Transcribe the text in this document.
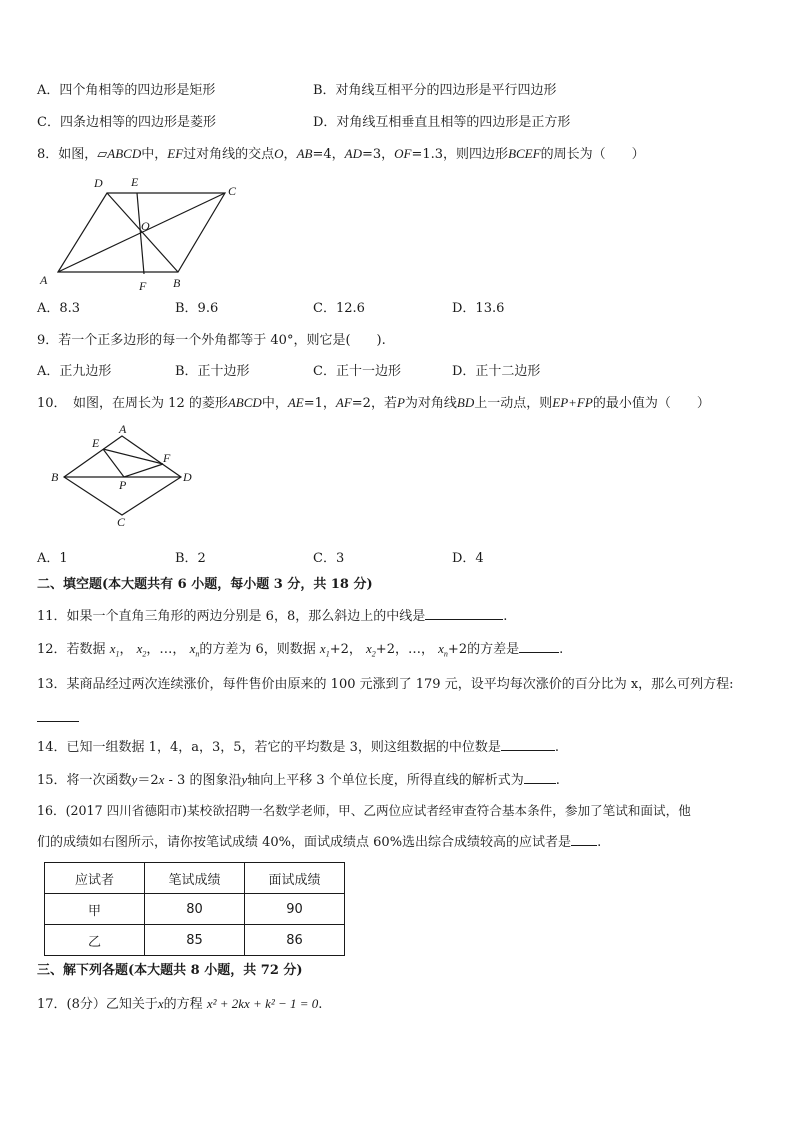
A．四个角相等的四边形是矩形	B．对角线互相平分的四边形是平行四边形
C．四条边相等的四边形是菱形	D．对角线互相垂直且相等的四边形是正方形
8．如图，▱ABCD中，EF过对角线的交点O，AB=4，AD=3，OF=1.3，则四边形BCEF的周长为（　　）
D E
C
O
A	F B
A．8.3	B．9.6	C．12.6	D．13.6
9．若一个正多边形的每一个外角都等于 40°，则它是(　　).
A．正九边形	B．正十边形	C．正十一边形	D．正十二边形
10．　如图，在周长为 12 的菱形ABCD中，AE=1，AF=2，若P为对角线BD上一动点，则EP+FP的最小值为（　　）
A
E
F
B
P
D
C
A．1	B．2	C．3	D．4
二、填空题(本大题共有 6 小题，每小题 3 分，共 18 分)
11．如果一个直角三角形的两边分别是 6，8，那么斜边上的中线是	.
12．若数据 $x_1$， $x_2$，…， $x_n$的方差为 6，则数据 $x_1+2$， $x_2+2$，…， $x_n+2$的方差是	.
13．某商品经过两次连续涨价，每件售价由原来的 100 元涨到了 179 元，设平均每次涨价的百分比为 x，那么可列方程:
14．已知一组数据 1，4，a，3，5，若它的平均数是 3，则这组数据的中位数是	.
15．将一次函数y＝2x - 3 的图象沿y轴向上平移 3 个单位长度，所得直线的解析式为 .
16．(2017 四川省德阳市)某校欲招聘一名数学老师，甲、乙两位应试者经审查符合基本条件，参加了笔试和面试，他
们的成绩如右图所示，请你按笔试成绩 40%，面试成绩点 60%选出综合成绩较高的应试者是 .
应试者	笔试成绩	面试成绩
甲	80	90
乙	85	86
三、解下列各题(本大题共 8 小题，共 72 分)
17．(8分）乙知关于x的方程 x² + 2kx + k² − 1 = 0.
